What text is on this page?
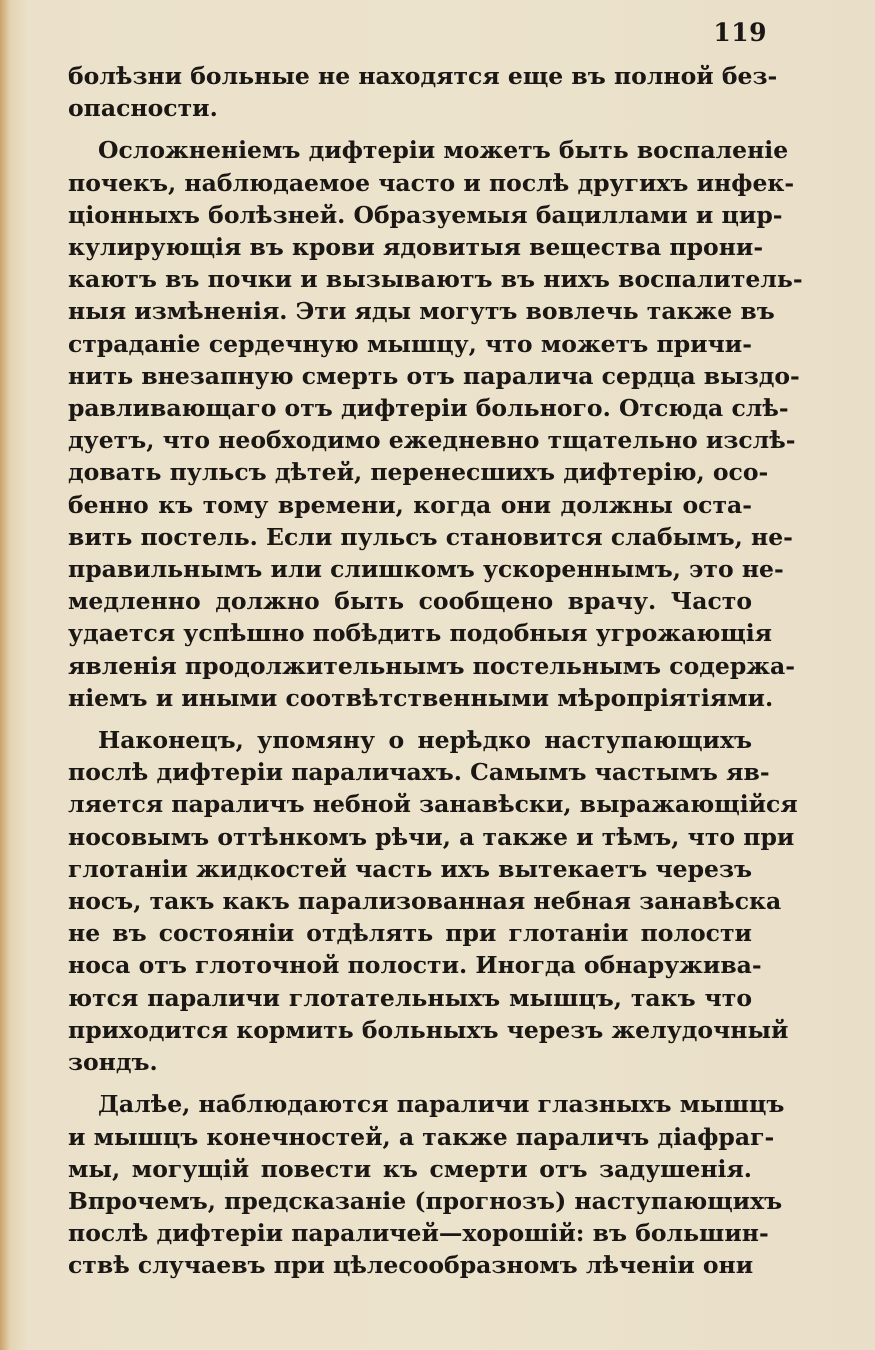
119
болѣзни больные не находятся еще въ полной без-
опасности.
Осложненіемъ дифтеріи можетъ быть воспаленіе
почекъ, наблюдаемое часто и послѣ другихъ инфек-
ціонныхъ болѣзней. Образуемыя бациллами и цир-
кулирующія въ крови ядовитыя вещества прони-
каютъ въ почки и вызываютъ въ нихъ воспалитель-
ныя измѣненія. Эти яды могутъ вовлечь также въ
страданіе сердечную мышцу, что можетъ причи-
нить внезапную смерть отъ паралича сердца выздо-
равливающаго отъ дифтеріи больного. Отсюда слѣ-
дуетъ, что необходимо ежедневно тщательно изслѣ-
довать пульсъ дѣтей, перенесшихъ дифтерію, осо-
бенно къ тому времени, когда они должны оста-
вить постель. Если пульсъ становится слабымъ, не-
правильнымъ или слишкомъ ускореннымъ, это не-
медленно должно быть сообщено врачу. Часто
удается успѣшно побѣдить подобныя угрожающія
явленія продолжительнымъ постельнымъ содержа-
ніемъ и иными соотвѣтственными мѣропріятіями.
Наконецъ, упомяну о нерѣдко наступающихъ
послѣ дифтеріи параличахъ. Самымъ частымъ яв-
ляется параличъ небной занавѣски, выражающійся
носовымъ оттѣнкомъ рѣчи, а также и тѣмъ, что при
глотаніи жидкостей часть ихъ вытекаетъ черезъ
носъ, такъ какъ парализованная небная занавѣска
не въ состояніи отдѣлять при глотаніи полости
носа отъ глоточной полости. Иногда обнаружива-
ются параличи глотательныхъ мышцъ, такъ что
приходится кормить больныхъ черезъ желудочный
зондъ.
Далѣе, наблюдаются параличи глазныхъ мышцъ
и мышцъ конечностей, а также параличъ діафраг-
мы, могущій повести къ смерти отъ задушенія.
Впрочемъ, предсказаніе (прогнозъ) наступающихъ
послѣ дифтеріи параличей—хорошій: въ большин-
ствѣ случаевъ при цѣлесообразномъ лѣченіи они
